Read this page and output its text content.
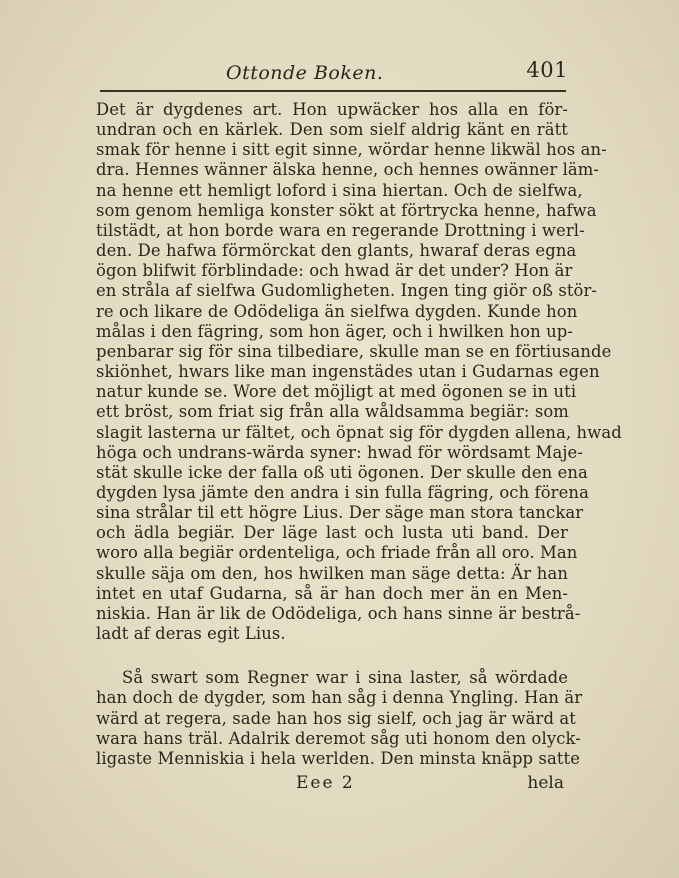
Ottonde Boken.	401
Det är dygdenes art. Hon upwäcker hos alla en för-
undran och en kärlek. Den som sielf aldrig känt en rätt
smak för henne i sitt egit sinne, wördar henne likwäl hos an-
dra. Hennes wänner älska henne, och hennes owänner läm-
na henne ett hemligt loford i sina hiertan. Och de sielfwa,
som genom hemliga konster sökt at förtrycka henne, hafwa
tilstädt, at hon borde wara en regerande Drottning i werl-
den. De hafwa förmörckat den glants, hwaraf deras egna
ögon blifwit förblindade: och hwad är det under? Hon är
en stråla af sielfwa Gudomligheten. Ingen ting giör oß stör-
re och likare de Odödeliga än sielfwa dygden. Kunde hon
målas i den fägring, som hon äger, och i hwilken hon up-
penbarar sig för sina tilbediare, skulle man se en förtiusande
skiönhet, hwars like man ingenstädes utan i Gudarnas egen
natur kunde se. Wore det möjligt at med ögonen se in uti
ett bröst, som friat sig från alla wåldsamma begiär: som
slagit lasterna ur fältet, och öpnat sig för dygden allena, hwad
höga och undrans-wärda syner: hwad för wördsamt Maje-
stät skulle icke der falla oß uti ögonen. Der skulle den ena
dygden lysa jämte den andra i sin fulla fägring, och förena
sina strålar til ett högre Lius. Der säge man stora tanckar
och ädla begiär. Der läge last och lusta uti band. Der
woro alla begiär ordenteliga, och friade från all oro. Man
skulle säja om den, hos hwilken man säge detta: Är han
intet en utaf Gudarna, så är han doch mer än en Men-
niskia. Han är lik de Odödeliga, och hans sinne är bestrå-
ladt af deras egit Lius.
Så swart som Regner war i sina laster, så wördade
han doch de dygder, som han såg i denna Yngling. Han är
wärd at regera, sade han hos sig sielf, och jag är wärd at
wara hans träl. Adalrik deremot såg uti honom den olyck-
ligaste Menniskia i hela werlden. Den minsta knäpp satte
Eee 2	hela
